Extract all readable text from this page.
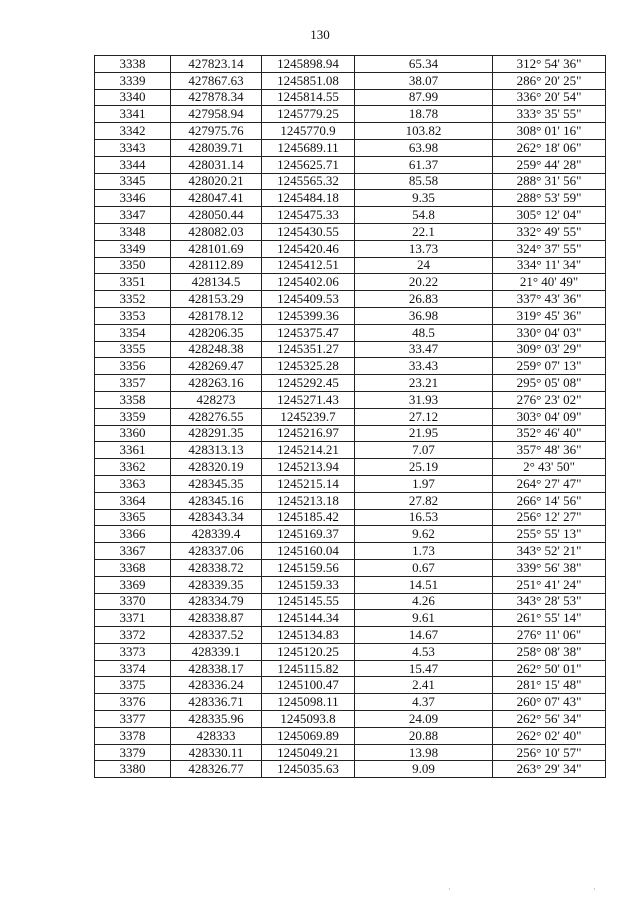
130
3338	427823.14	1245898.94	65.34	312° 54' 36"
3339	427867.63	1245851.08	38.07	286° 20' 25"
3340	427878.34	1245814.55	87.99	336° 20' 54"
3341	427958.94	1245779.25	18.78	333° 35' 55"
3342	427975.76	1245770.9	103.82	308° 01' 16"
3343	428039.71	1245689.11	63.98	262° 18' 06"
3344	428031.14	1245625.71	61.37	259° 44' 28"
3345	428020.21	1245565.32	85.58	288° 31' 56"
3346	428047.41	1245484.18	9.35	288° 53' 59"
3347	428050.44	1245475.33	54.8	305° 12' 04"
3348	428082.03	1245430.55	22.1	332° 49' 55"
3349	428101.69	1245420.46	13.73	324° 37' 55"
3350	428112.89	1245412.51	24	334° 11' 34"
3351	428134.5	1245402.06	20.22	21° 40' 49"
3352	428153.29	1245409.53	26.83	337° 43' 36"
3353	428178.12	1245399.36	36.98	319° 45' 36"
3354	428206.35	1245375.47	48.5	330° 04' 03"
3355	428248.38	1245351.27	33.47	309° 03' 29"
3356	428269.47	1245325.28	33.43	259° 07' 13"
3357	428263.16	1245292.45	23.21	295° 05' 08"
3358	428273	1245271.43	31.93	276° 23' 02"
3359	428276.55	1245239.7	27.12	303° 04' 09"
3360	428291.35	1245216.97	21.95	352° 46' 40"
3361	428313.13	1245214.21	7.07	357° 48' 36"
3362	428320.19	1245213.94	25.19	2° 43' 50"
3363	428345.35	1245215.14	1.97	264° 27' 47"
3364	428345.16	1245213.18	27.82	266° 14' 56"
3365	428343.34	1245185.42	16.53	256° 12' 27"
3366	428339.4	1245169.37	9.62	255° 55' 13"
3367	428337.06	1245160.04	1.73	343° 52' 21"
3368	428338.72	1245159.56	0.67	339° 56' 38"
3369	428339.35	1245159.33	14.51	251° 41' 24"
3370	428334.79	1245145.55	4.26	343° 28' 53"
3371	428338.87	1245144.34	9.61	261° 55' 14"
3372	428337.52	1245134.83	14.67	276° 11' 06"
3373	428339.1	1245120.25	4.53	258° 08' 38"
3374	428338.17	1245115.82	15.47	262° 50' 01"
3375	428336.24	1245100.47	2.41	281° 15' 48"
3376	428336.71	1245098.11	4.37	260° 07' 43"
3377	428335.96	1245093.8	24.09	262° 56' 34"
3378	428333	1245069.89	20.88	262° 02' 40"
3379	428330.11	1245049.21	13.98	256° 10' 57"
3380	428326.77	1245035.63	9.09	263° 29' 34"
·	·
